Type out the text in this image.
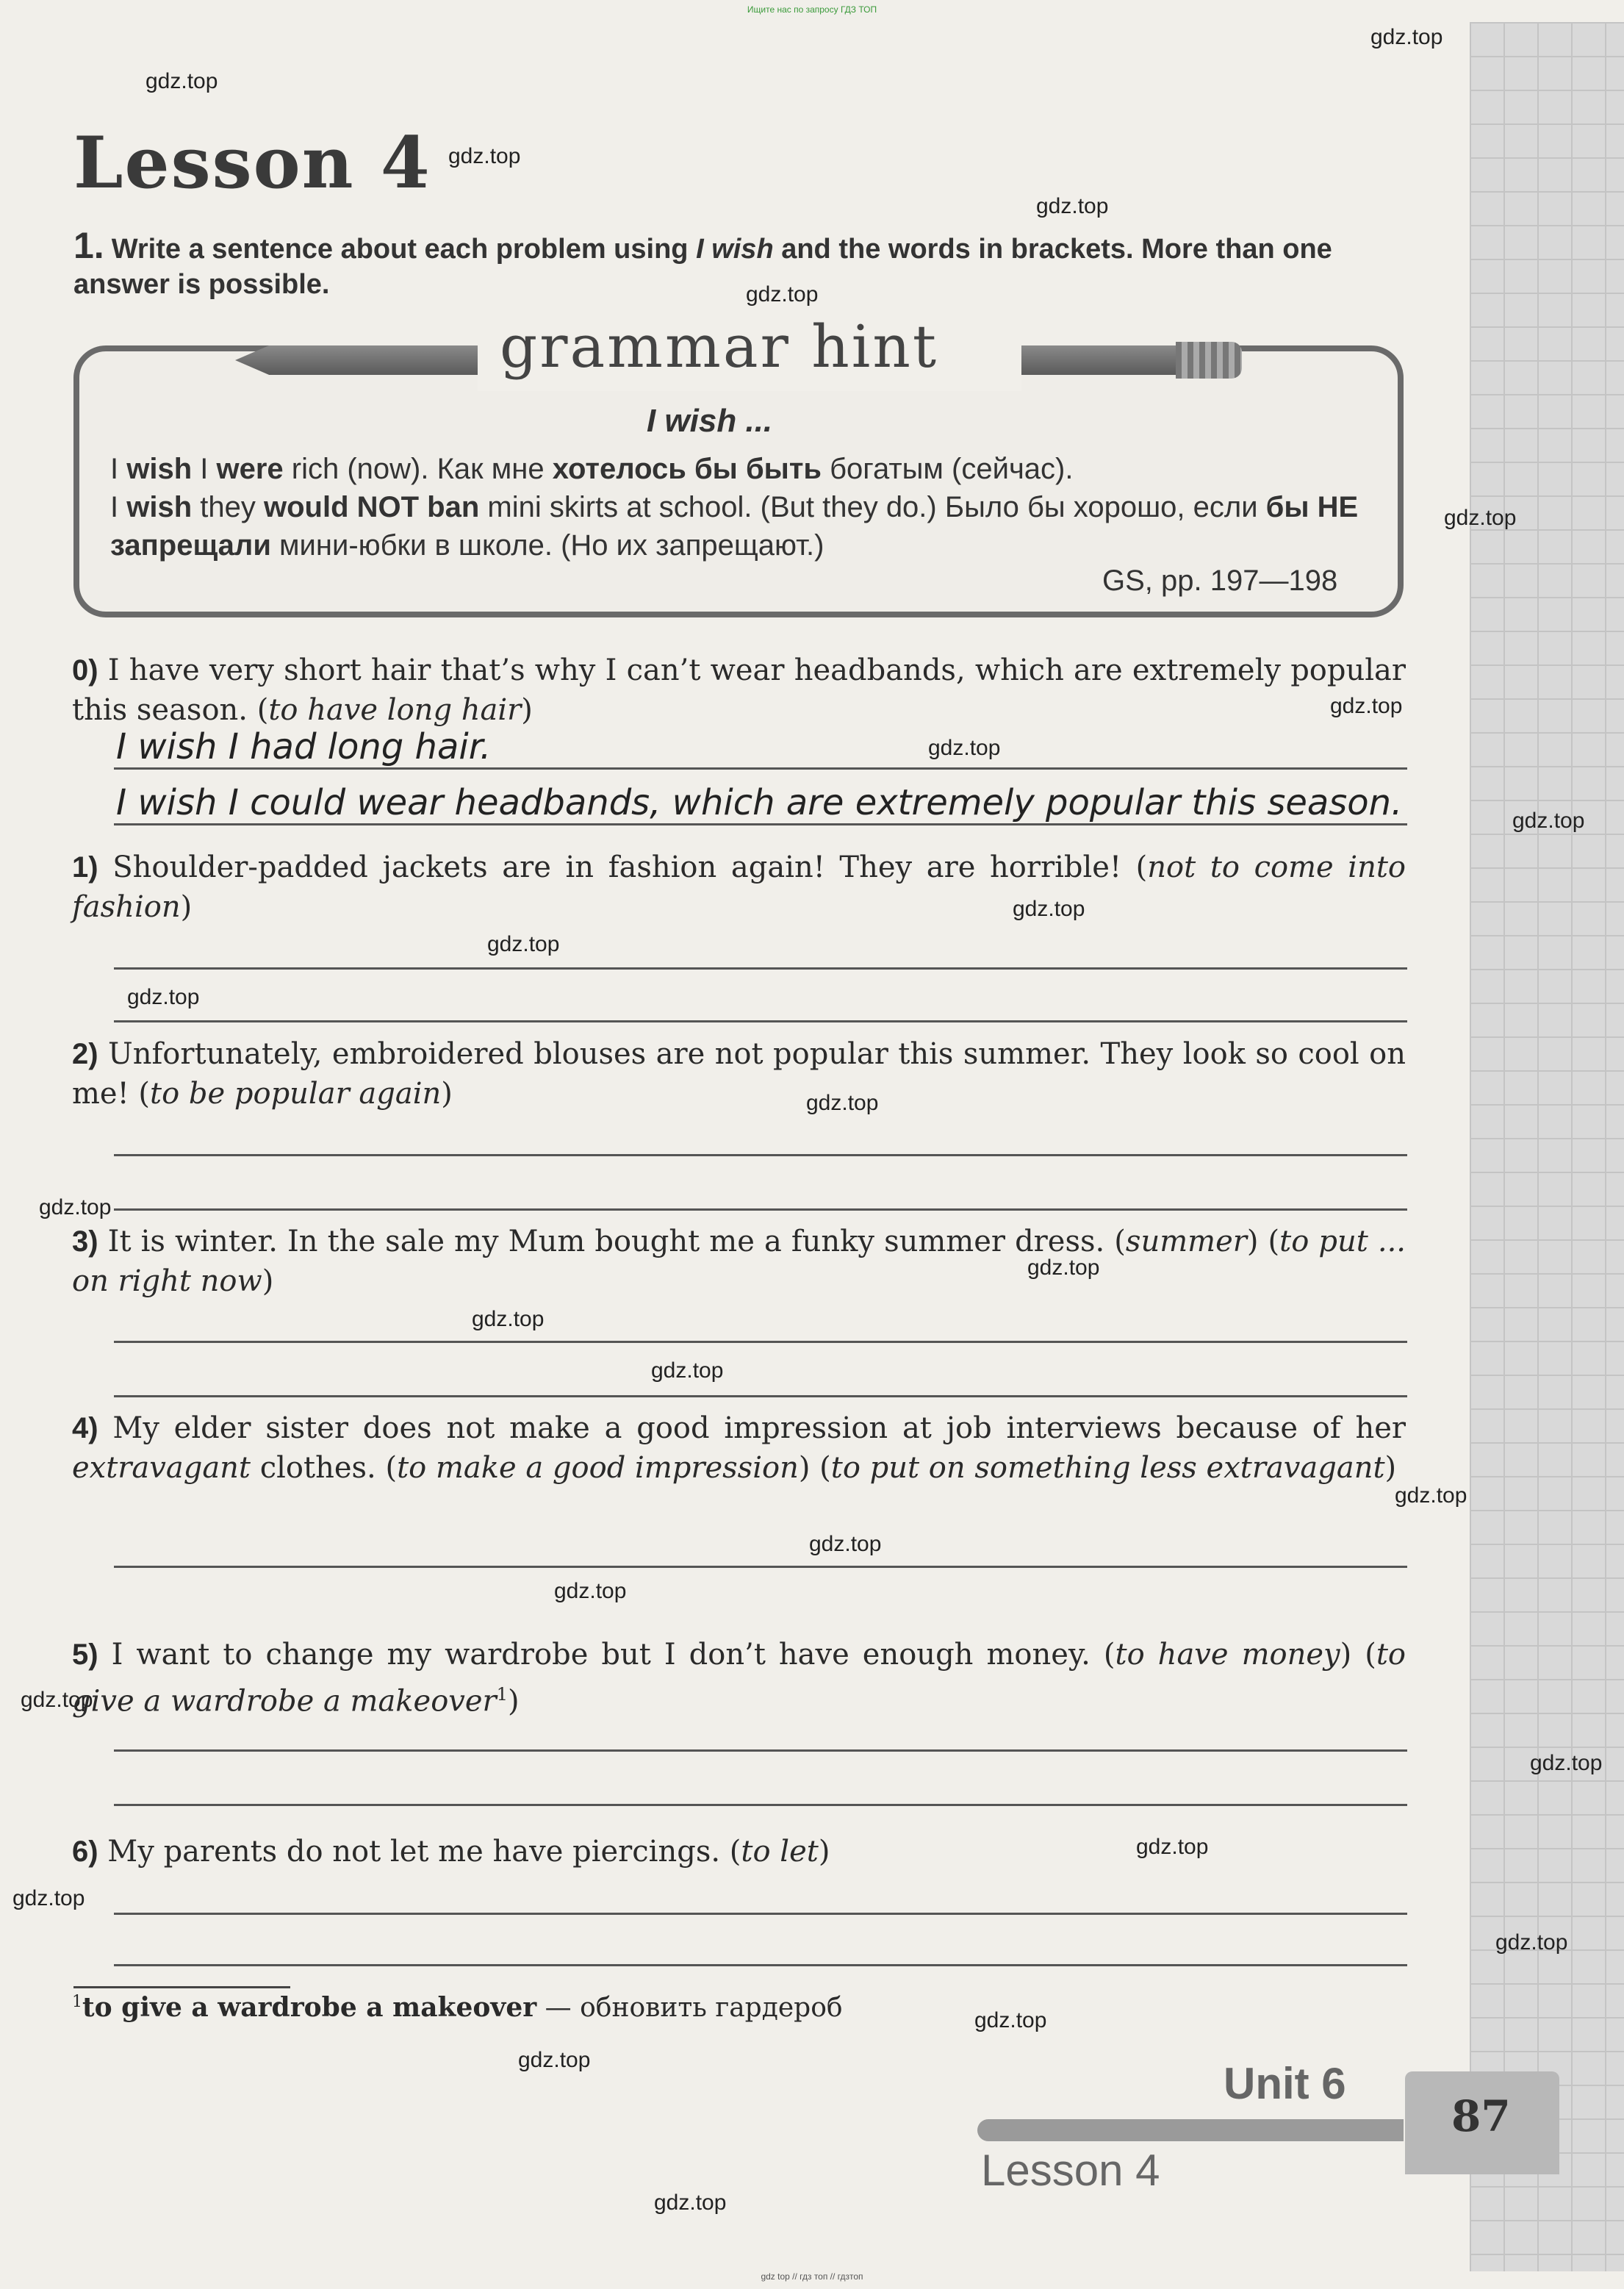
Ищите нас по запросу ГДЗ ТОП
gdz.top
gdz.top
gdz.top
gdz.top
gdz.top
gdz.top
gdz.top
gdz.top
gdz.top
gdz.top
gdz.top
gdz.top
gdz.top
gdz.top
gdz.top
gdz.top
gdz.top
gdz.top
gdz.top
gdz.top
gdz.top
gdz.top
gdz.top
gdz.top
gdz.top
gdz.top
gdz.top
gdz.top
Lesson 4
1. Write a sentence about each problem using I wish and the words in brackets. More than one answer is possible.
grammar hint
I wish ...
I wish I were rich (now). Как мне хотелось бы быть богатым (сейчас).
I wish they would NOT ban mini skirts at school. (But they do.) Было бы хорошо, если бы НЕ запрещали мини-юбки в школе. (Но их запрещают.)
GS, pp. 197—198
0) I have very short hair that’s why I can’t wear headbands, which are extremely popular this season. (to have long hair)
I wish I had long hair.
I wish I could wear headbands, which are extremely popular this season.
1) Shoulder-padded jackets are in fashion again! They are horrible! (not to come into fashion)
2) Unfortunately, embroidered blouses are not popular this summer. They look so cool on me! (to be popular again)
3) It is winter. In the sale my Mum bought me a funky summer dress. (summer) (to put ... on right now)
4) My elder sister does not make a good impression at job interviews because of her extravagant clothes. (to make a good impression) (to put on something less extravagant)
5) I want to change my wardrobe but I don’t have enough money. (to have money) (to give a wardrobe a makeover$^1$)
6) My parents do not let me have piercings. (to let)
$^1$to give a wardrobe a makeover — обновить гардероб
Unit 6
Lesson 4
87
gdz top // гдз топ // гдзтоп
